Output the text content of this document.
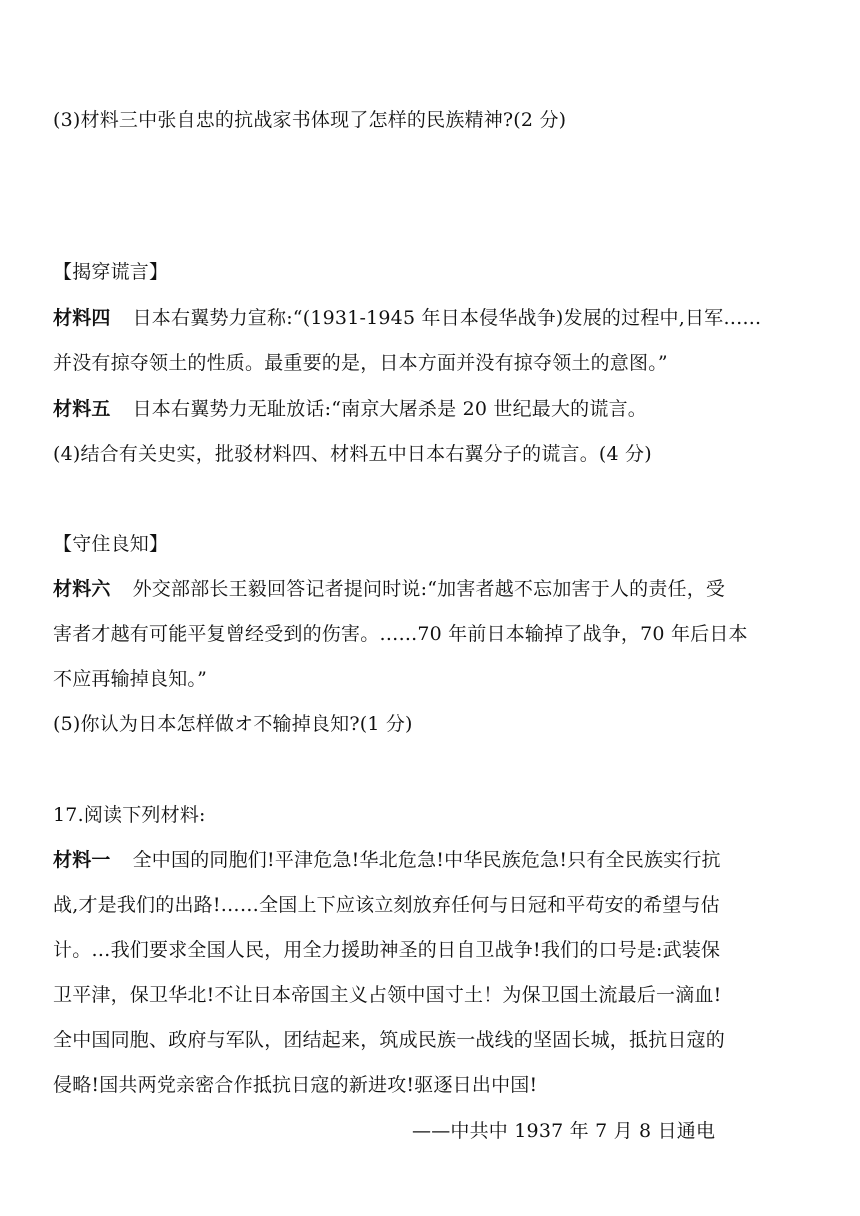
(3)材料三中张自忠的抗战家书体现了怎样的民族精神?(2 分)
【揭穿谎言】
材料四 日本右翼势力宣称:“(1931-1945 年日本侵华战争)发展的过程中,日军…...
并没有掠夺领土的性质。最重要的是，日本方面并没有掠夺领土的意图。”
材料五 日本右翼势力无耻放话:“南京大屠杀是 20 世纪最大的谎言。
(4)结合有关史实，批驳材料四、材料五中日本右翼分子的谎言。(4 分)
【守住良知】
材料六 外交部部长王毅回答记者提问时说:“加害者越不忘加害于人的责任，受
害者才越有可能平复曾经受到的伤害。…...70 年前日本输掉了战争，70 年后日本
不应再输掉良知。”
(5)你认为日本怎样做オ不输掉良知?(1 分)
17.阅读下列材料:
材料一 全中国的同胞们!平津危急!华北危急!中华民族危急!只有全民族实行抗
战,才是我们的出路!……全国上下应该立刻放弃任何与日冠和平苟安的希望与估
计。…我们要求全国人民，用全力援助神圣的日自卫战争!我们的口号是:武装保
卫平津，保卫华北!不让日本帝国主义占领中国寸土！为保卫国土流最后一滴血!
全中国同胞、政府与军队，团结起来，筑成民族一战线的坚固长城，抵抗日寇的
侵略!国共两党亲密合作抵抗日寇的新进攻!驱逐日出中国!
——中共中 1937 年 7 月 8 日通电
